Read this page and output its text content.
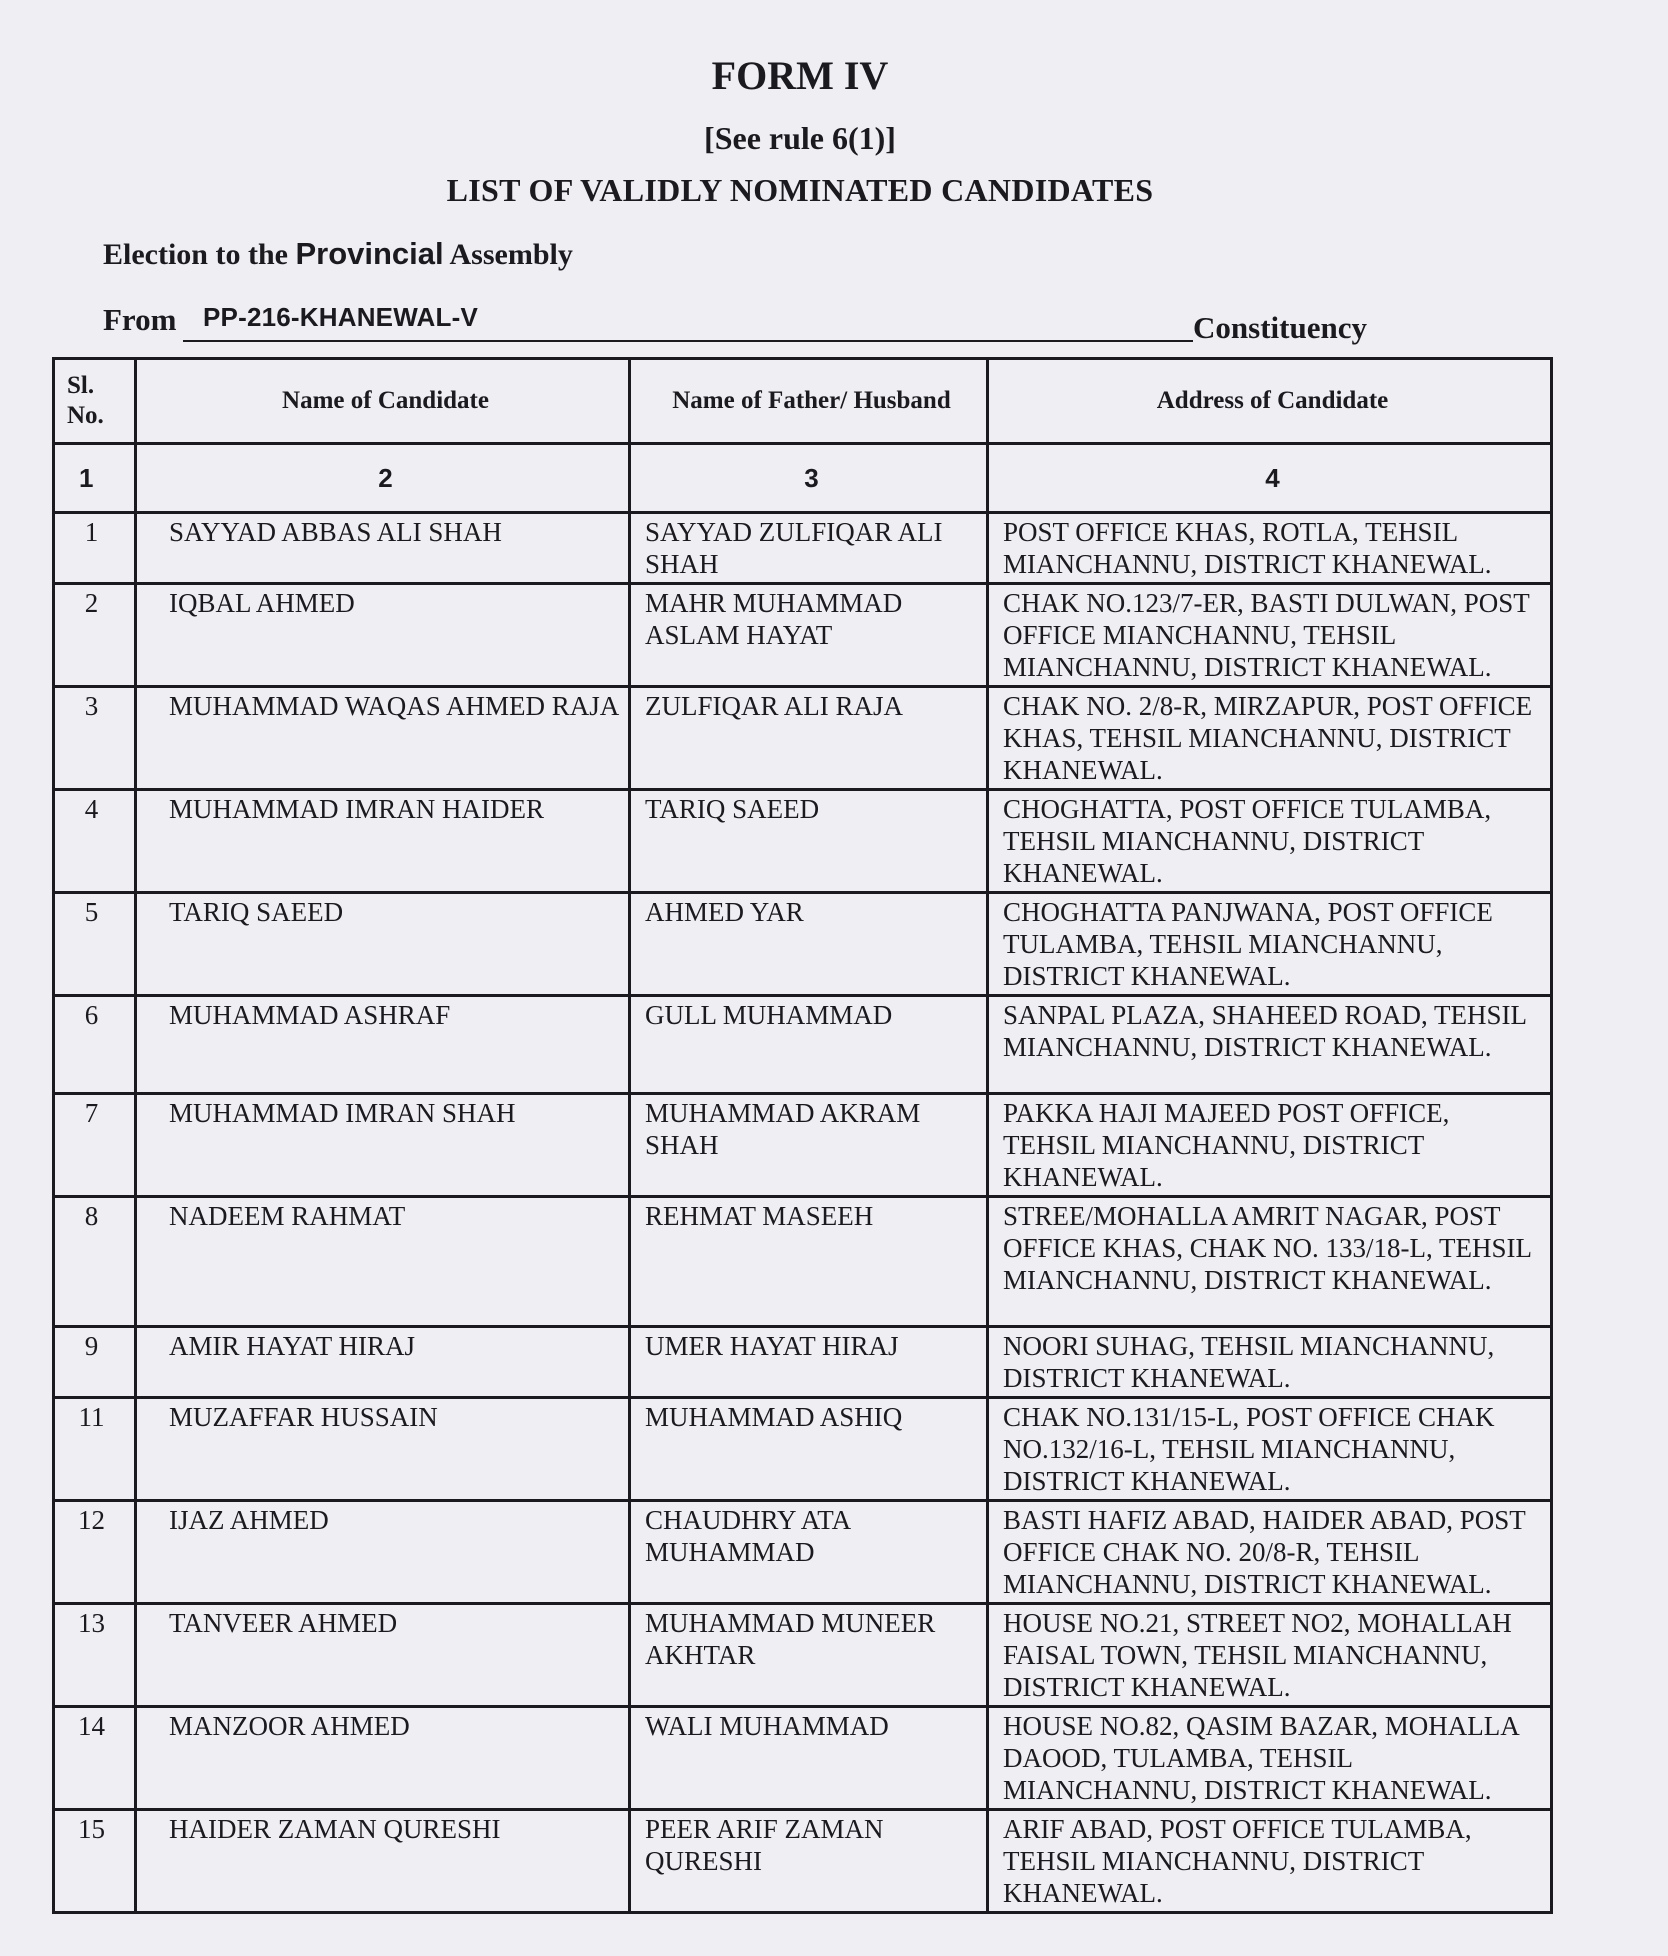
FORM IV
[See rule 6(1)]
LIST OF VALIDLY NOMINATED CANDIDATES
Election to the Provincial Assembly
From PP-216-KHANEWAL-V	Constituency
Sl. No.	Name of Candidate	Name of Father/ Husband	Address of Candidate
1	2	3	4
1	SAYYAD ABBAS ALI SHAH	SAYYAD ZULFIQAR ALI SHAH	POST OFFICE KHAS, ROTLA, TEHSIL MIANCHANNU, DISTRICT KHANEWAL.
2	IQBAL AHMED	MAHR MUHAMMAD ASLAM HAYAT	CHAK NO.123/7-ER, BASTI DULWAN, POST OFFICE MIANCHANNU, TEHSIL MIANCHANNU, DISTRICT KHANEWAL.
3	MUHAMMAD WAQAS AHMED RAJA	ZULFIQAR ALI RAJA	CHAK NO. 2/8-R, MIRZAPUR, POST OFFICE KHAS, TEHSIL MIANCHANNU, DISTRICT KHANEWAL.
4	MUHAMMAD IMRAN HAIDER	TARIQ SAEED	CHOGHATTA, POST OFFICE TULAMBA, TEHSIL MIANCHANNU, DISTRICT KHANEWAL.
5	TARIQ SAEED	AHMED YAR	CHOGHATTA PANJWANA, POST OFFICE TULAMBA, TEHSIL MIANCHANNU, DISTRICT KHANEWAL.
6	MUHAMMAD ASHRAF	GULL MUHAMMAD	SANPAL PLAZA, SHAHEED ROAD, TEHSIL MIANCHANNU, DISTRICT KHANEWAL.
7	MUHAMMAD IMRAN SHAH	MUHAMMAD AKRAM SHAH	PAKKA HAJI MAJEED POST OFFICE, TEHSIL MIANCHANNU, DISTRICT KHANEWAL.
8	NADEEM RAHMAT	REHMAT MASEEH	STREE/MOHALLA AMRIT NAGAR, POST OFFICE KHAS, CHAK NO. 133/18-L, TEHSIL MIANCHANNU, DISTRICT KHANEWAL.
9	AMIR HAYAT HIRAJ	UMER HAYAT HIRAJ	NOORI SUHAG, TEHSIL MIANCHANNU, DISTRICT KHANEWAL.
11	MUZAFFAR HUSSAIN	MUHAMMAD ASHIQ	CHAK NO.131/15-L, POST OFFICE CHAK NO.132/16-L, TEHSIL MIANCHANNU, DISTRICT KHANEWAL.
12	IJAZ AHMED	CHAUDHRY ATA MUHAMMAD	BASTI HAFIZ ABAD, HAIDER ABAD, POST OFFICE CHAK NO. 20/8-R, TEHSIL MIANCHANNU, DISTRICT KHANEWAL.
13	TANVEER AHMED	MUHAMMAD MUNEER AKHTAR	HOUSE NO.21, STREET NO2, MOHALLAH FAISAL TOWN, TEHSIL MIANCHANNU, DISTRICT KHANEWAL.
14	MANZOOR AHMED	WALI MUHAMMAD	HOUSE NO.82, QASIM BAZAR, MOHALLA DAOOD, TULAMBA, TEHSIL MIANCHANNU, DISTRICT KHANEWAL.
15	HAIDER ZAMAN QURESHI	PEER ARIF ZAMAN QURESHI	ARIF ABAD, POST OFFICE TULAMBA, TEHSIL MIANCHANNU, DISTRICT KHANEWAL.
